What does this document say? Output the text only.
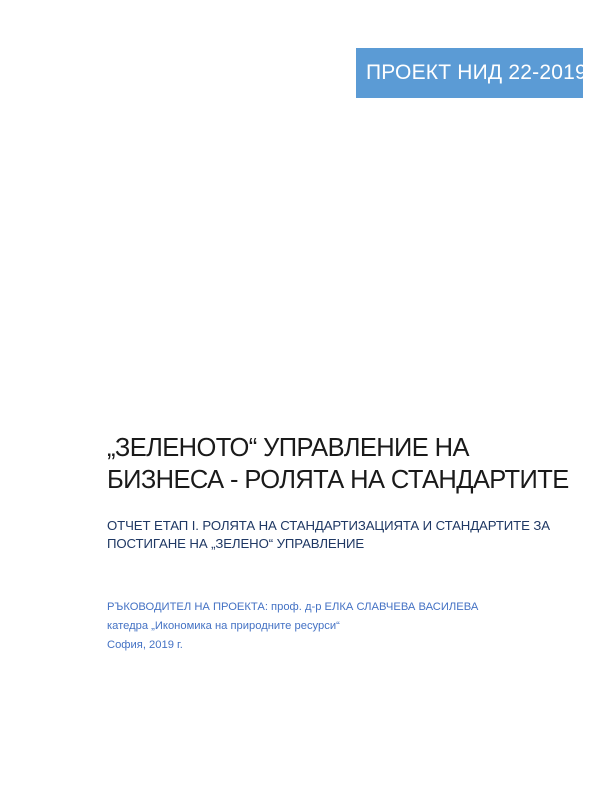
ПРОЕКТ НИД 22-2019
„ЗЕЛЕНОТО“ УПРАВЛЕНИЕ НА
БИЗНЕСА - РОЛЯТА НА СТАНДАРТИТЕ

ОТЧЕТ ЕТАП I. РОЛЯТА НА СТАНДАРТИЗАЦИЯТА И СТАНДАРТИТЕ ЗА
ПОСТИГАНЕ НА „ЗЕЛЕНО“ УПРАВЛЕНИЕ

РЪКОВОДИТЕЛ НА ПРОЕКТА: проф. д-р ЕЛКА СЛАВЧЕВА ВАСИЛЕВА
катедра „Икономика на природните ресурси“
София, 2019 г.
